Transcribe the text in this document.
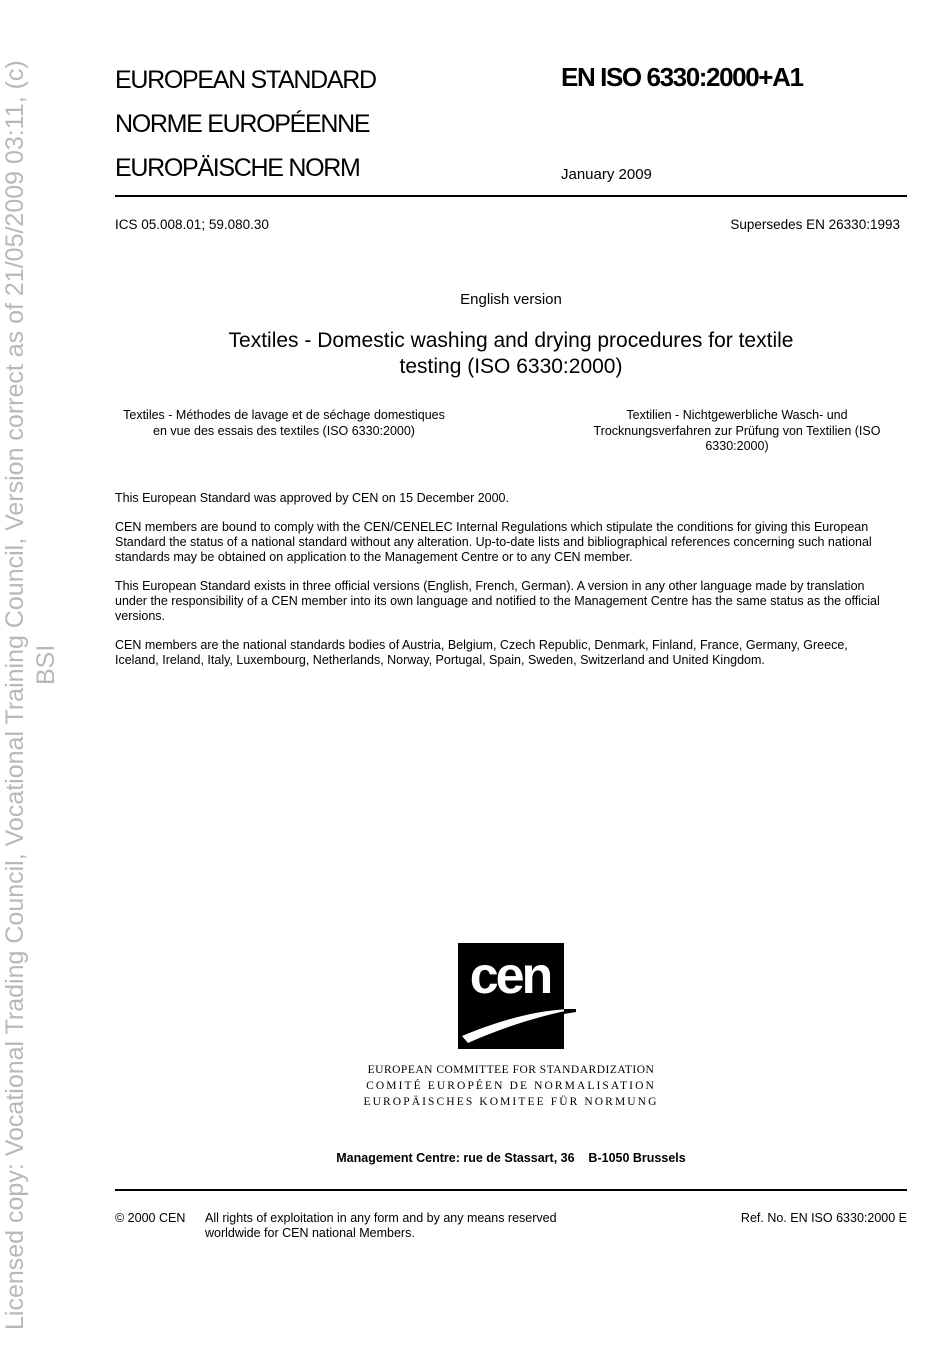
Licensed copy: Vocational Trading Council, Vocational Training Council, Version correct as of 21/05/2009 03:11, (c) BSI
EUROPEAN STANDARD
NORME EUROPÉENNE
EUROPÄISCHE NORM
EN ISO 6330:2000+A1
January 2009
ICS 05.008.01; 59.080.30	Supersedes EN 26330:1993
English version
Textiles - Domestic washing and drying procedures for textile
testing (ISO 6330:2000)
Textiles - Méthodes de lavage et de séchage domestiques
en vue des essais des textiles (ISO 6330:2000)
Textilien - Nichtgewerbliche Wasch- und
Trocknungsverfahren zur Prüfung von Textilien (ISO
6330:2000)
This European Standard was approved by CEN on 15 December 2000.
CEN members are bound to comply with the CEN/CENELEC Internal Regulations which stipulate the conditions for giving this European
Standard the status of a national standard without any alteration. Up-to-date lists and bibliographical references concerning such national
standards may be obtained on application to the Management Centre or to any CEN member.
This European Standard exists in three official versions (English, French, German). A version in any other language made by translation
under the responsibility of a CEN member into its own language and notified to the Management Centre has the same status as the official
versions.
CEN members are the national standards bodies of Austria, Belgium, Czech Republic, Denmark, Finland, France, Germany, Greece,
Iceland, Ireland, Italy, Luxembourg, Netherlands, Norway, Portugal, Spain, Sweden, Switzerland and United Kingdom.
cen
EUROPEAN COMMITTEE FOR STANDARDIZATION
COMITÉ EUROPÉEN DE NORMALISATION
EUROPÄISCHES KOMITEE FÜR NORMUNG
Management Centre: rue de Stassart, 36    B-1050 Brussels
© 2000 CEN All rights of exploitation in any form and by any means reserved
worldwide for CEN national Members.
Ref. No. EN ISO 6330:2000 E
